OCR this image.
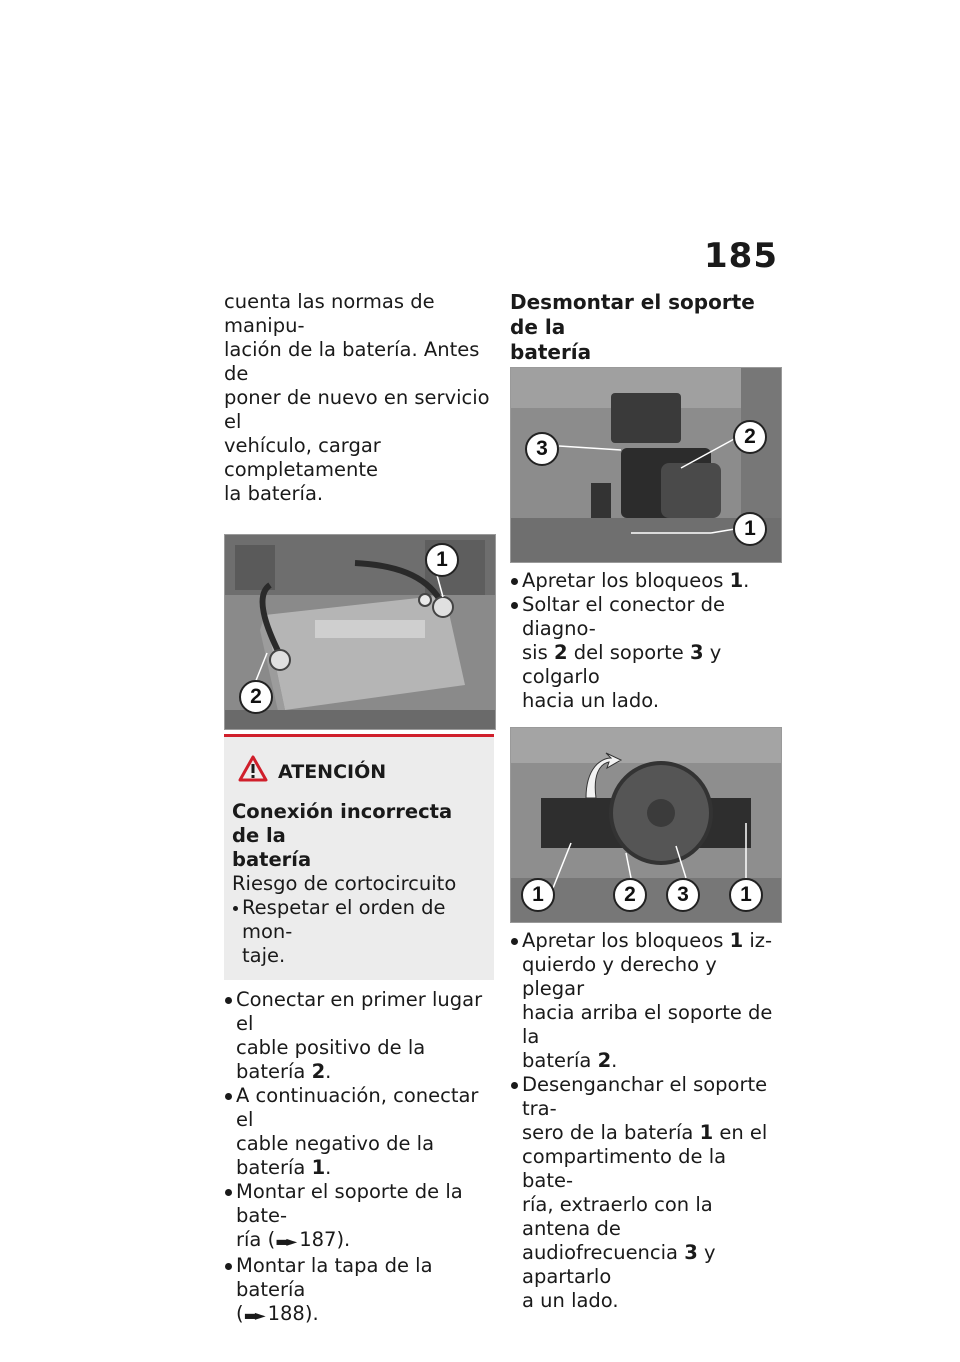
185

cuenta las normas de manipu-
lación de la batería. Antes de
poner de nuevo en servicio el
vehículo, cargar completamente
la batería.

1
2
ATENCIÓN

Conexión incorrecta de la
batería

Riesgo de cortocircuito

Respetar el orden de mon-
taje.
Conectar en primer lugar el
cable positivo de la batería 2.
A continuación, conectar el
cable negativo de la batería 1.
Montar el soporte de la bate-
ría (▬► 187).
Montar la tapa de la batería
(▬► 188).

Desmontar el soporte de la
batería

3
2
1
Apretar los bloqueos 1.
Soltar el conector de diagno-
sis 2 del soporte 3 y colgarlo
hacia un lado.
1	2	3	1
Apretar los bloqueos 1 iz-
quierdo y derecho y plegar
hacia arriba el soporte de la
batería 2.
Desenganchar el soporte tra-
sero de la batería 1 en el
compartimento de la bate-
ría, extraerlo con la antena de
audiofrecuencia 3 y apartarlo
a un lado.
